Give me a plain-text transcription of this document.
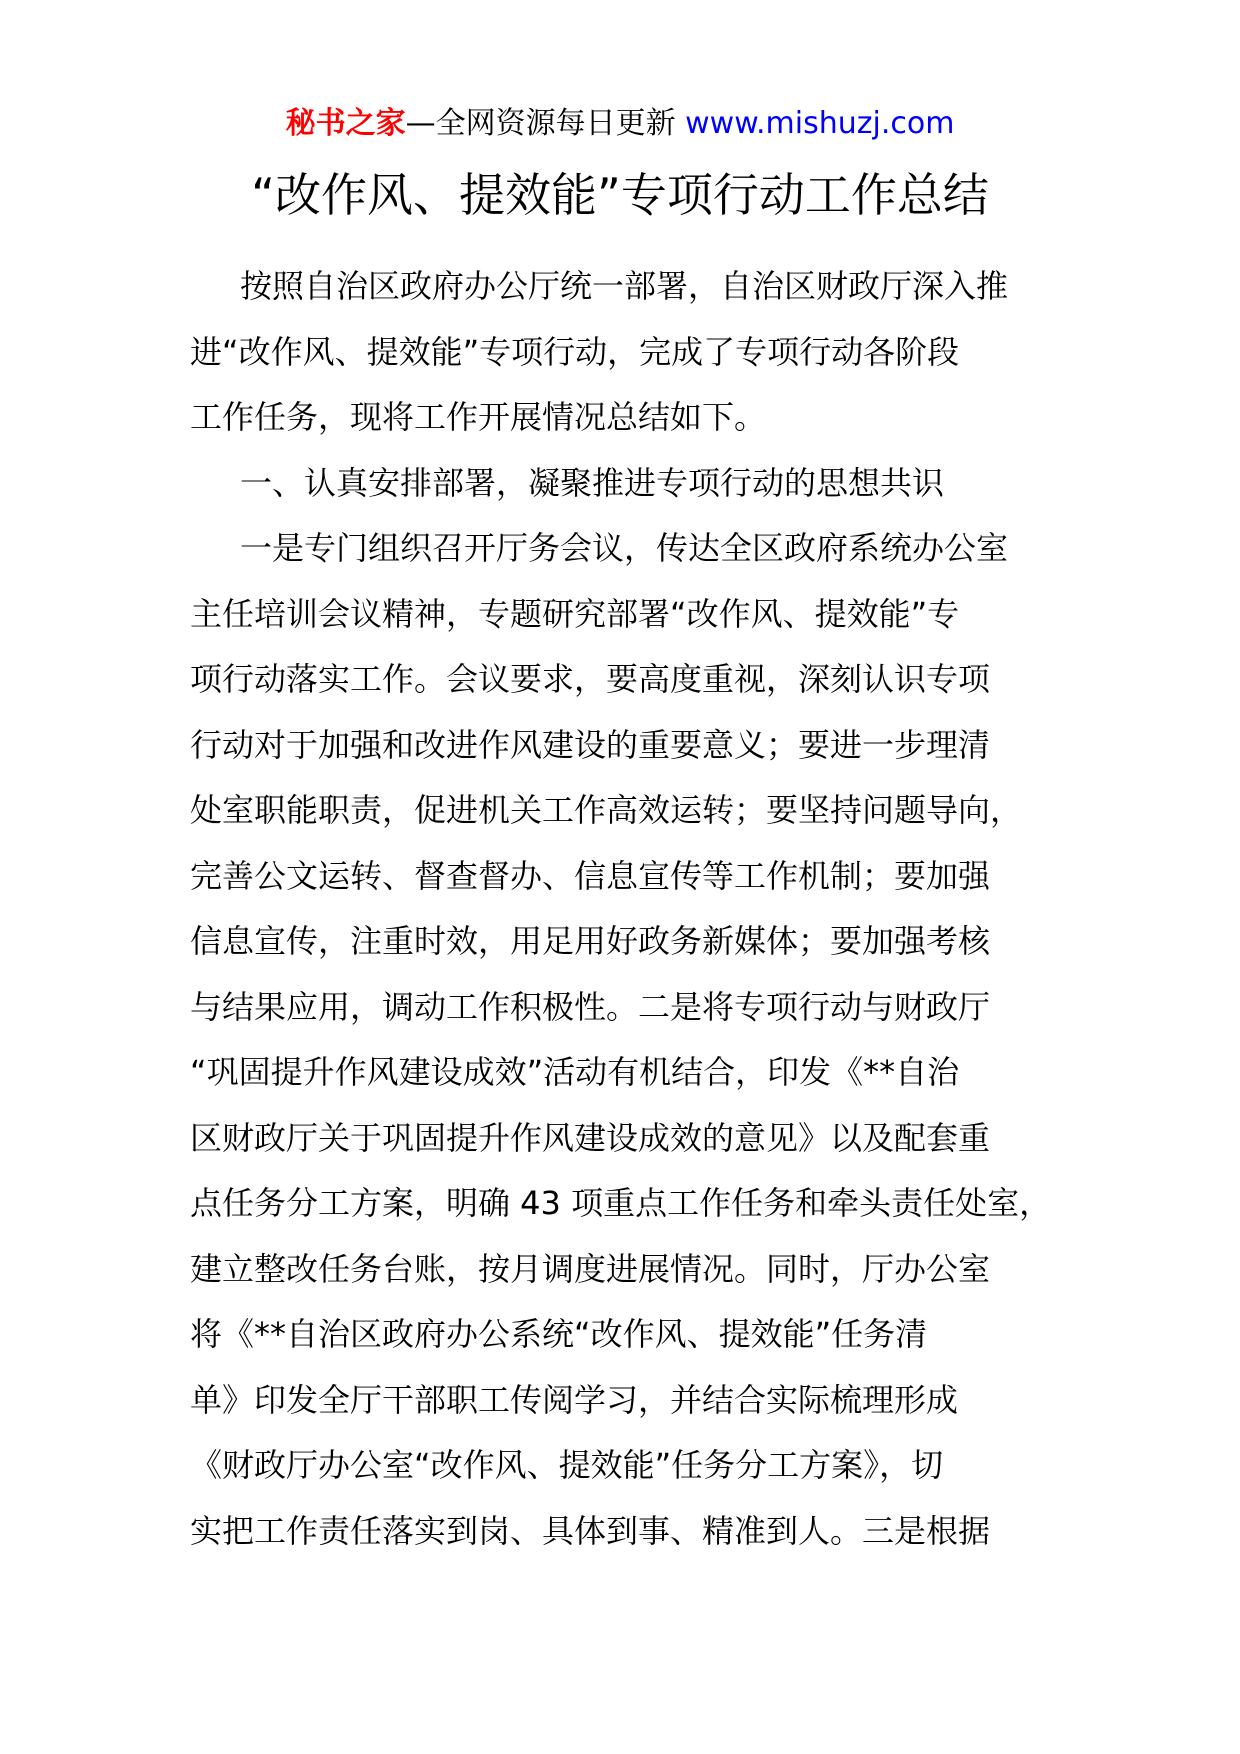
秘书之家—全网资源每日更新 www.mishuzj.com
“改作风、提效能”专项行动工作总结
按照自治区政府办公厅统一部署，自治区财政厅深入推
进“改作风、提效能”专项行动，完成了专项行动各阶段
工作任务，现将工作开展情况总结如下。
一、认真安排部署，凝聚推进专项行动的思想共识
一是专门组织召开厅务会议，传达全区政府系统办公室
主任培训会议精神，专题研究部署“改作风、提效能”专
项行动落实工作。会议要求，要高度重视，深刻认识专项
行动对于加强和改进作风建设的重要意义；要进一步理清
处室职能职责，促进机关工作高效运转；要坚持问题导向，
完善公文运转、督查督办、信息宣传等工作机制；要加强
信息宣传，注重时效，用足用好政务新媒体；要加强考核
与结果应用，调动工作积极性。二是将专项行动与财政厅
“巩固提升作风建设成效”活动有机结合，印发《**自治
区财政厅关于巩固提升作风建设成效的意见》以及配套重
点任务分工方案，明确 43 项重点工作任务和牵头责任处室，
建立整改任务台账，按月调度进展情况。同时，厅办公室
将《**自治区政府办公系统“改作风、提效能”任务清
单》印发全厅干部职工传阅学习，并结合实际梳理形成
《财政厅办公室“改作风、提效能”任务分工方案》，切
实把工作责任落实到岗、具体到事、精准到人。三是根据
